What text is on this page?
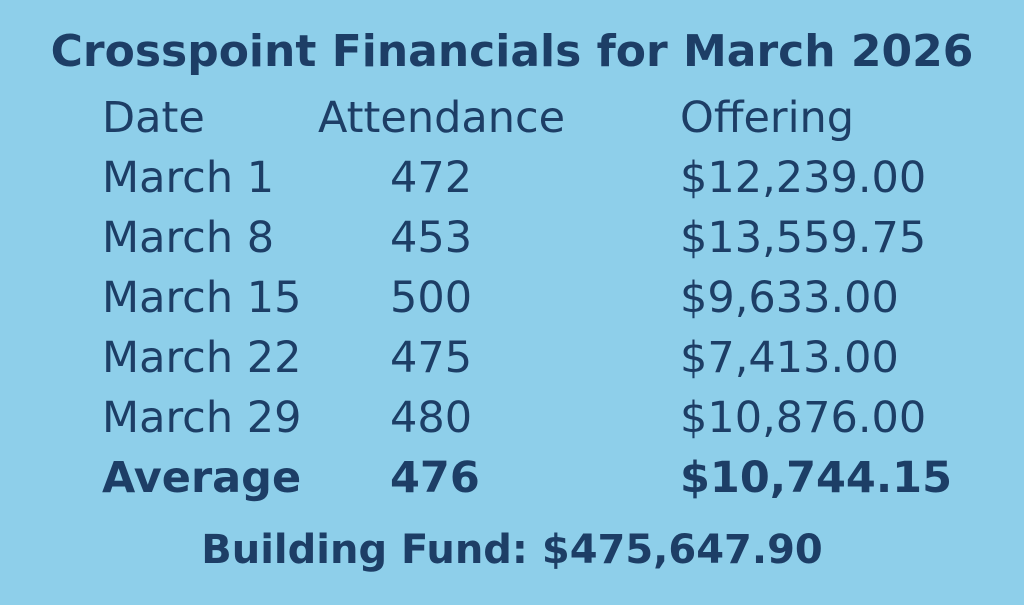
Crosspoint Financials for March 2026
Date	Attendance	Offering
March 1	472	$12,239.00
March 8	453	$13,559.75
March 15 500	$9,633.00
March 22 475	$7,413.00
March 29 480	$10,876.00
Average 476	$10,744.15
Building Fund: $475,647.90
